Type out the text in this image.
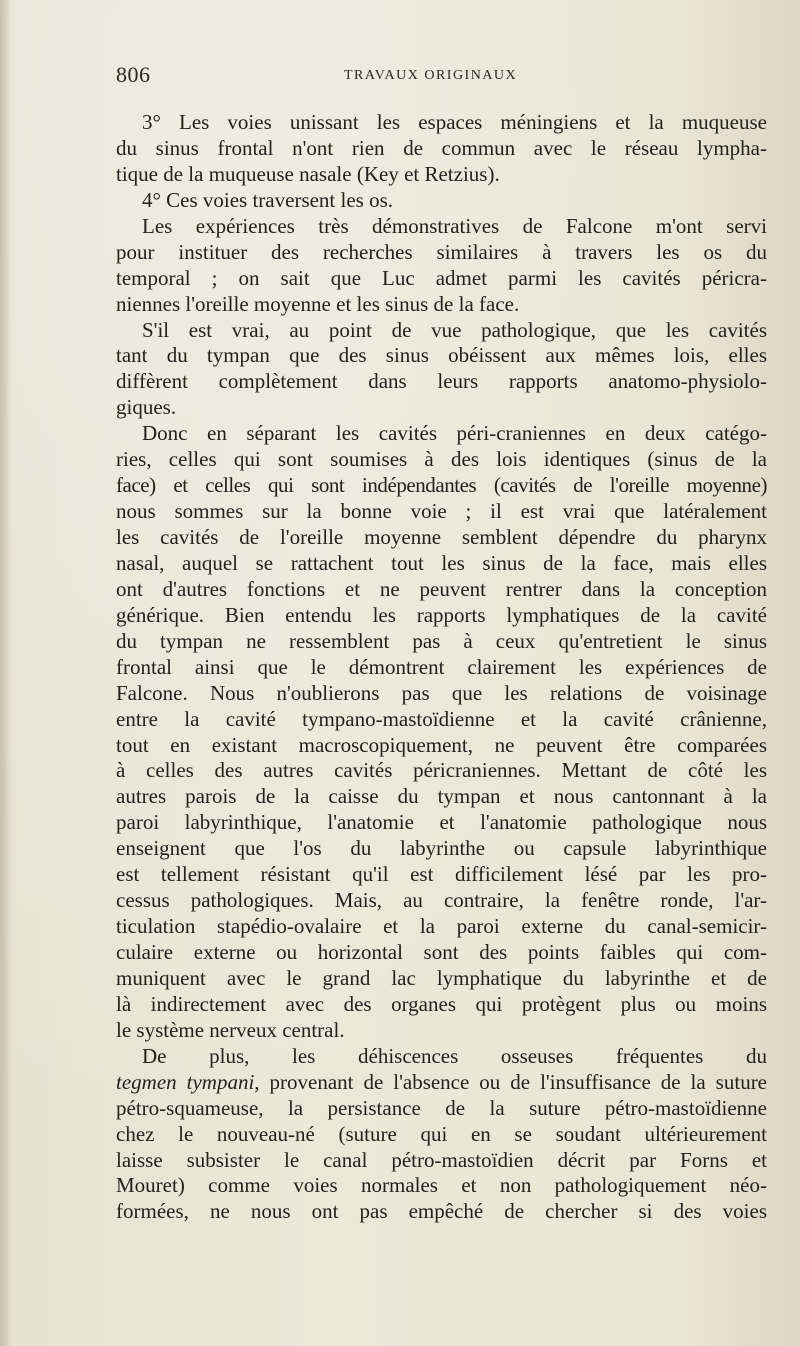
806	TRAVAUX ORIGINAUX
3° Les voies unissant les espaces méningiens et la muqueuse
du sinus frontal n'ont rien de commun avec le réseau lympha-
tique de la muqueuse nasale (Key et Retzius).
4° Ces voies traversent les os.
Les expériences très démonstratives de Falcone m'ont servi
pour instituer des recherches similaires à travers les os du
temporal ; on sait que Luc admet parmi les cavités péricra-
niennes l'oreille moyenne et les sinus de la face.
S'il est vrai, au point de vue pathologique, que les cavités
tant du tympan que des sinus obéissent aux mêmes lois, elles
diffèrent complètement dans leurs rapports anatomo-physiolo-
giques.
Donc en séparant les cavités péri-craniennes en deux catégo-
ries, celles qui sont soumises à des lois identiques (sinus de la
face) et celles qui sont indépendantes (cavités de l'oreille moyenne)
nous sommes sur la bonne voie ; il est vrai que latéralement
les cavités de l'oreille moyenne semblent dépendre du pharynx
nasal, auquel se rattachent tout les sinus de la face, mais elles
ont d'autres fonctions et ne peuvent rentrer dans la conception
générique. Bien entendu les rapports lymphatiques de la cavité
du tympan ne ressemblent pas à ceux qu'entretient le sinus
frontal ainsi que le démontrent clairement les expériences de
Falcone. Nous n'oublierons pas que les relations de voisinage
entre la cavité tympano-mastoïdienne et la cavité crânienne,
tout en existant macroscopiquement, ne peuvent être comparées
à celles des autres cavités péricraniennes. Mettant de côté les
autres parois de la caisse du tympan et nous cantonnant à la
paroi labyrinthique, l'anatomie et l'anatomie pathologique nous
enseignent que l'os du labyrinthe ou capsule labyrinthique
est tellement résistant qu'il est difficilement lésé par les pro-
cessus pathologiques. Mais, au contraire, la fenêtre ronde, l'ar-
ticulation stapédio-ovalaire et la paroi externe du canal-semicir-
culaire externe ou horizontal sont des points faibles qui com-
muniquent avec le grand lac lymphatique du labyrinthe et de
là indirectement avec des organes qui protègent plus ou moins
le système nerveux central.
De plus, les déhiscences osseuses fréquentes du
tegmen tympani, provenant de l'absence ou de l'insuffisance de la suture
pétro-squameuse, la persistance de la suture pétro-mastoïdienne
chez le nouveau-né (suture qui en se soudant ultérieurement
laisse subsister le canal pétro-mastoïdien décrit par Forns et
Mouret) comme voies normales et non pathologiquement néo-
formées, ne nous ont pas empêché de chercher si des voies
